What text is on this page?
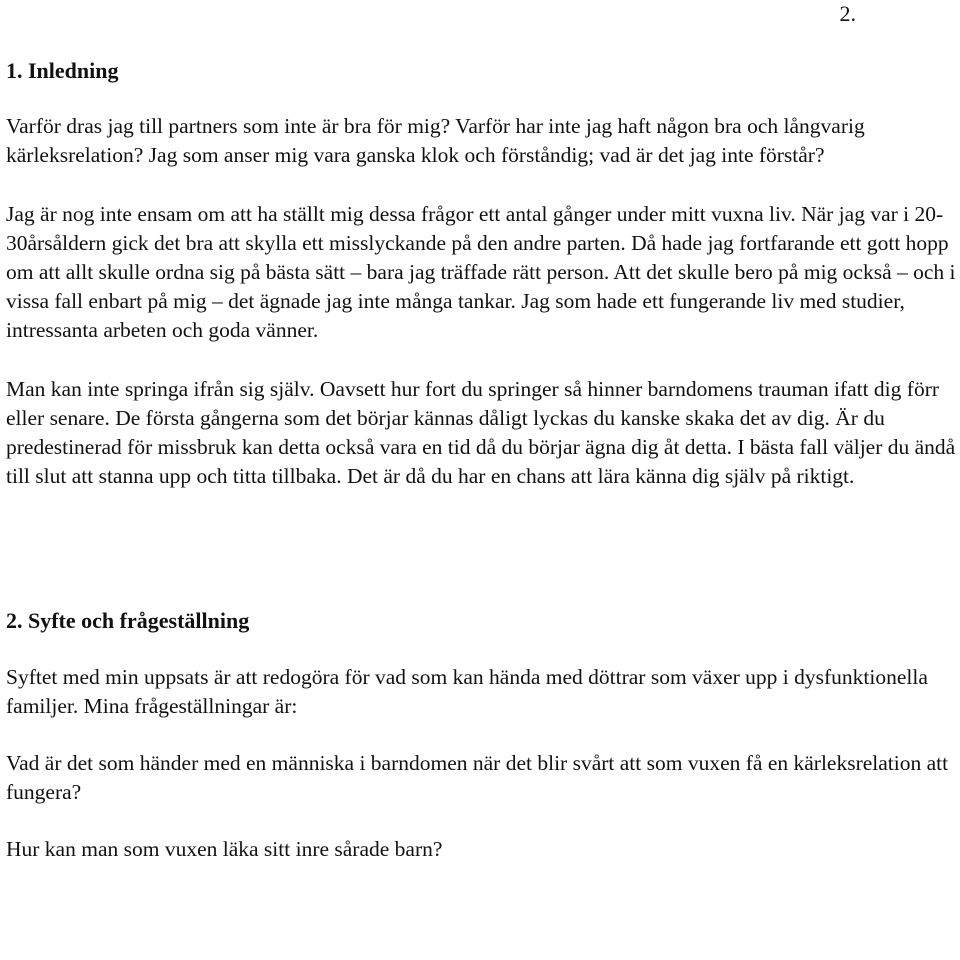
2.
1. Inledning

Varför dras jag till partners som inte är bra för mig? Varför har inte jag haft någon bra och långvarig kärleksrelation? Jag som anser mig vara ganska klok och förståndig; vad är det jag inte förstår?

Jag är nog inte ensam om att ha ställt mig dessa frågor ett antal gånger under mitt vuxna liv. När jag var i 20-30årsåldern gick det bra att skylla ett misslyckande på den andre parten. Då hade jag fortfarande ett gott hopp om att allt skulle ordna sig på bästa sätt – bara jag träffade rätt person. Att det skulle bero på mig också – och i vissa fall enbart på mig – det ägnade jag inte många tankar. Jag som hade ett fungerande liv med studier, intressanta arbeten och goda vänner.

Man kan inte springa ifrån sig själv. Oavsett hur fort du springer så hinner barndomens trauman ifatt dig förr eller senare. De första gångerna som det börjar kännas dåligt lyckas du kanske skaka det av dig. Är du predestinerad för missbruk kan detta också vara en tid då du börjar ägna dig åt detta. I bästa fall väljer du ändå till slut att stanna upp och titta tillbaka. Det är då du har en chans att lära känna dig själv på riktigt.

2. Syfte och frågeställning

Syftet med min uppsats är att redogöra för vad som kan hända med döttrar som växer upp i dysfunktionella familjer. Mina frågeställningar är:

Vad är det som händer med en människa i barndomen när det blir svårt att som vuxen få en kärleksrelation att fungera?

Hur kan man som vuxen läka sitt inre sårade barn?
